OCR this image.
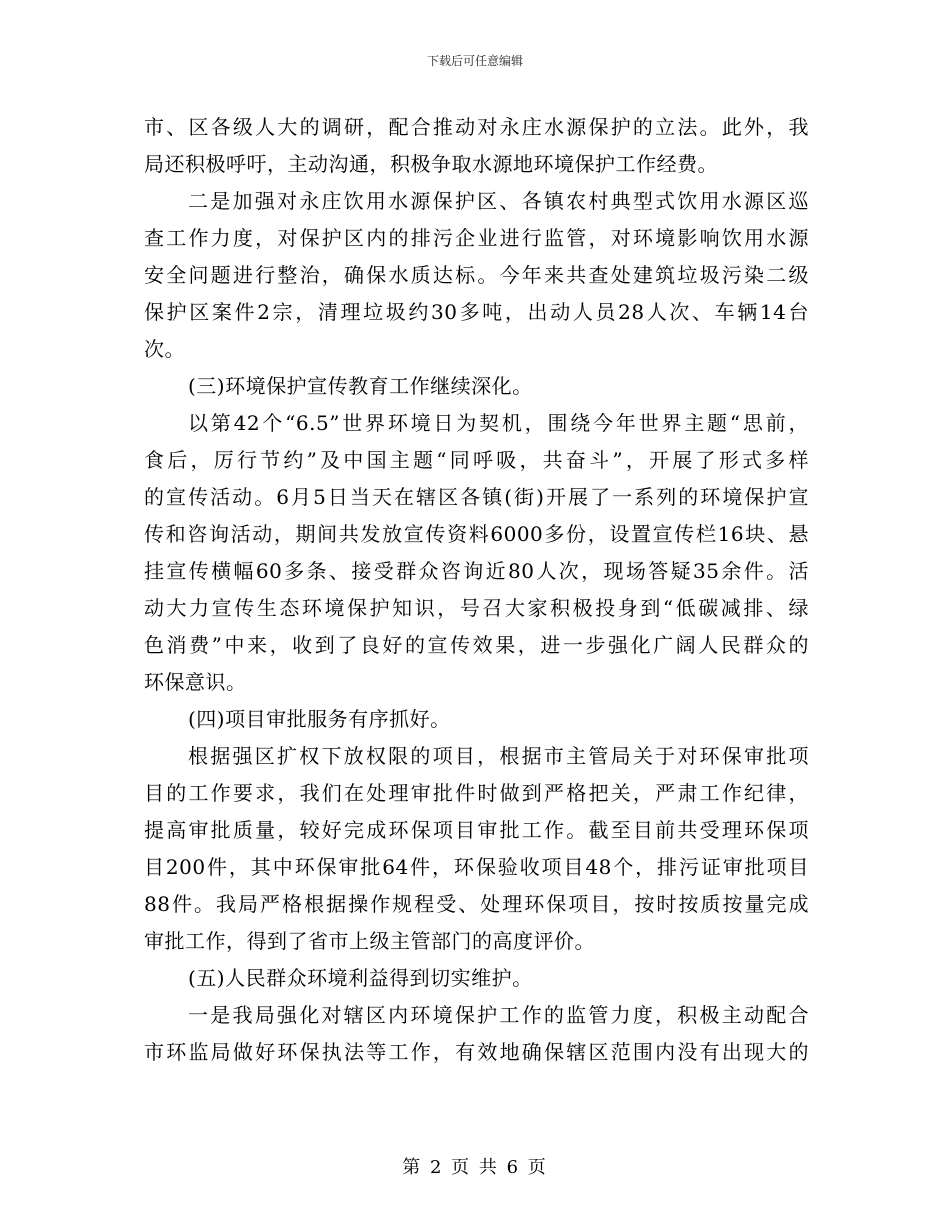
下载后可任意编辑
市、区各级人大的调研，配合推动对永庄水源保护的立法。此外，我
局还积极呼吁，主动沟通，积极争取水源地环境保护工作经费。
二是加强对永庄饮用水源保护区、各镇农村典型式饮用水源区巡
查工作力度，对保护区内的排污企业进行监管，对环境影响饮用水源
安全问题进行整治，确保水质达标。今年来共查处建筑垃圾污染二级
保护区案件2宗，清理垃圾约30多吨，出动人员28人次、车辆14台
次。
(三)环境保护宣传教育工作继续深化。
以第42个“6.5”世界环境日为契机，围绕今年世界主题“思前，
食后，厉行节约”及中国主题“同呼吸，共奋斗”，开展了形式多样
的宣传活动。6月5日当天在辖区各镇(街)开展了一系列的环境保护宣
传和咨询活动，期间共发放宣传资料6000多份，设置宣传栏16块、悬
挂宣传横幅60多条、接受群众咨询近80人次，现场答疑35余件。活
动大力宣传生态环境保护知识，号召大家积极投身到“低碳减排、绿
色消费”中来，收到了良好的宣传效果，进一步强化广阔人民群众的
环保意识。
(四)项目审批服务有序抓好。
根据强区扩权下放权限的项目，根据市主管局关于对环保审批项
目的工作要求，我们在处理审批件时做到严格把关，严肃工作纪律，
提高审批质量，较好完成环保项目审批工作。截至目前共受理环保项
目200件，其中环保审批64件，环保验收项目48个，排污证审批项目
88件。我局严格根据操作规程受、处理环保项目，按时按质按量完成
审批工作，得到了省市上级主管部门的高度评价。
(五)人民群众环境利益得到切实维护。
一是我局强化对辖区内环境保护工作的监管力度，积极主动配合
市环监局做好环保执法等工作，有效地确保辖区范围内没有出现大的
第 2 页 共 6 页
